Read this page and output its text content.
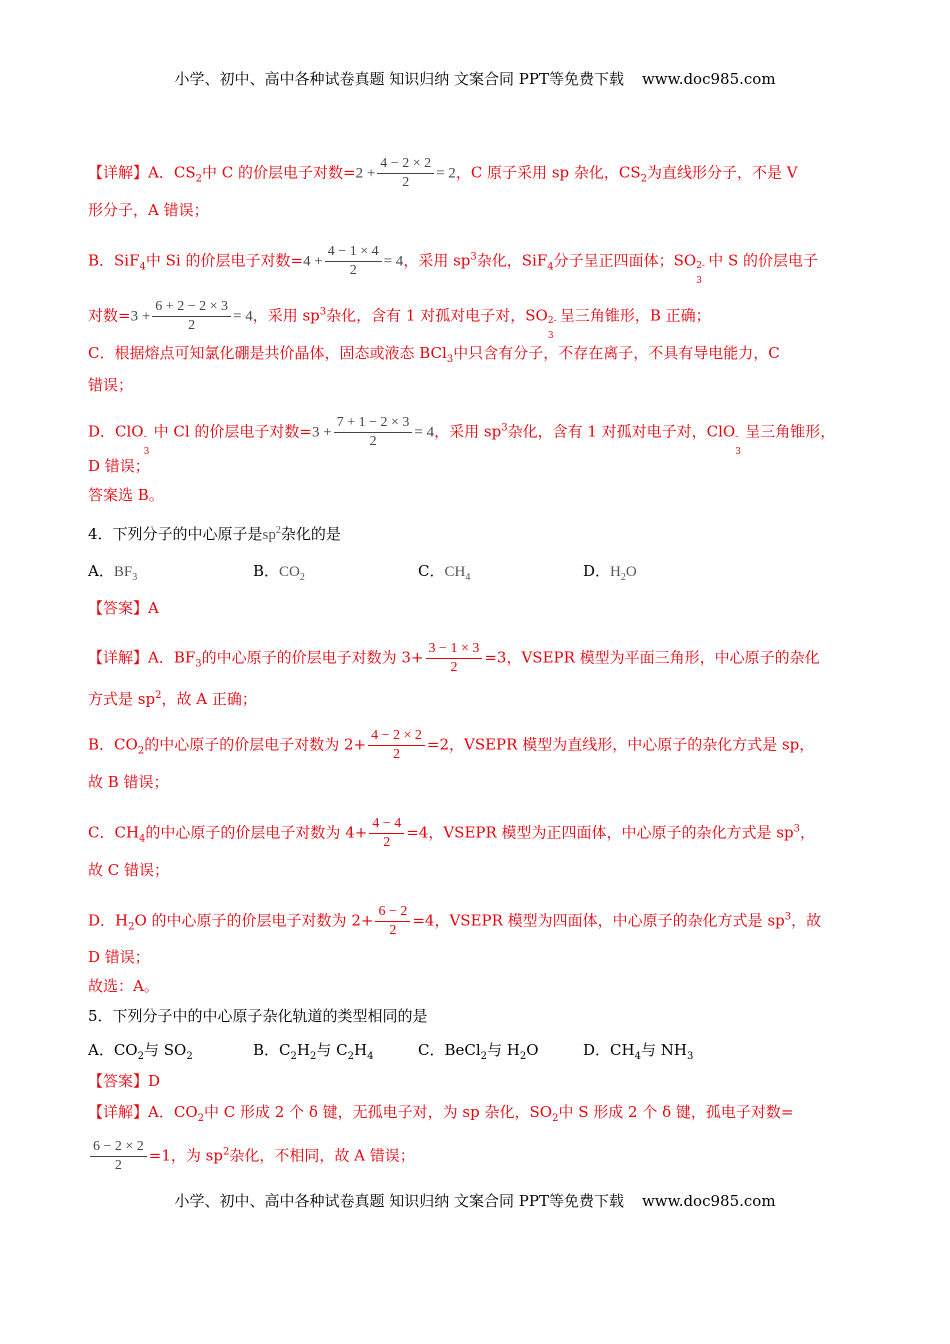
小学、初中、高中各种试卷真题 知识归纳 文案合同 PPT等免费下载 www.doc985.com
【详解】A．$CS_2$中 C 的价层电子对数$=2 + \frac{4 - 2 \times 2}{2} = 2$，C 原子采用 sp 杂化，$CS_2$为直线形分子，不是 V
形分子，A 错误；
B．SiF$_4$中 Si 的价层电子对数$=4 + \frac{4 - 1 \times 4}{2} = 4$，采用 $sp^3$杂化，SiF$_4$分子呈正四面体；SO 2-
3
中 S 的价层电子
对数$=3 + \frac{6 + 2 - 2 \times 3}{2} = 4$，采用 $sp^3$杂化，含有 1 对孤对电子对，SO 2-
3
呈三角锥形，B 正确；
C．根据熔点可知氯化硼是共价晶体，固态或液态 BCl$_3$中只含有分子，不存在离子，不具有导电能力，C
错误；
D．ClO -
3
中 Cl 的价层电子对数$=3 + \frac{7 + 1 - 2 \times 3}{2} = 4$，采用 $sp^3$杂化，含有 1 对孤对电子对，ClO -
3
呈三角锥形，
D 错误；
答案选 B。
4．下列分子的中心原子是$sp^2$杂化的是
A．$BF_3$	B．$CO_2$	C．$CH_4$	D．$H_2O$
【答案】A
【详解】A．$BF_3$的中心原子的价层电子对数为 $3+ \frac{3 - 1 \times 3}{2} =3$，VSEPR 模型为平面三角形，中心原子的杂化
方式是 $sp^2$，故 A 正确；
B．$CO_2$的中心原子的价层电子对数为 $2+ \frac{4 - 2 \times 2}{2} =2$，VSEPR 模型为直线形，中心原子的杂化方式是 sp，
故 B 错误；
C．$CH_4$的中心原子的价层电子对数为 $4+ \frac{4 - 4}{2} =4$，VSEPR 模型为正四面体，中心原子的杂化方式是 $sp^3$，
故 C 错误；
D．$H_2O$ 的中心原子的价层电子对数为 $2+ \frac{6 - 2}{2} =4$，VSEPR 模型为四面体，中心原子的杂化方式是 $sp^3$，故
D 错误；
故选：A。
5．下列分子中的中心原子杂化轨道的类型相同的是
A．$CO_2$与 $SO_2$	B．$C_2H_2$与 $C_2H_4$	C．BeCl$_2$与 $H_2O$	D．$CH_4$与 $NH_3$
【答案】D
【详解】A．$CO_2$中 C 形成 2 个 δ 键，无孤电子对，为 sp 杂化，$SO_2$中 S 形成 2 个 δ 键，孤电子对数=
$\frac{6 - 2 \times 2}{2} =1$，为 $sp^2$杂化，不相同，故 A 错误；
小学、初中、高中各种试卷真题 知识归纳 文案合同 PPT等免费下载 www.doc985.com
